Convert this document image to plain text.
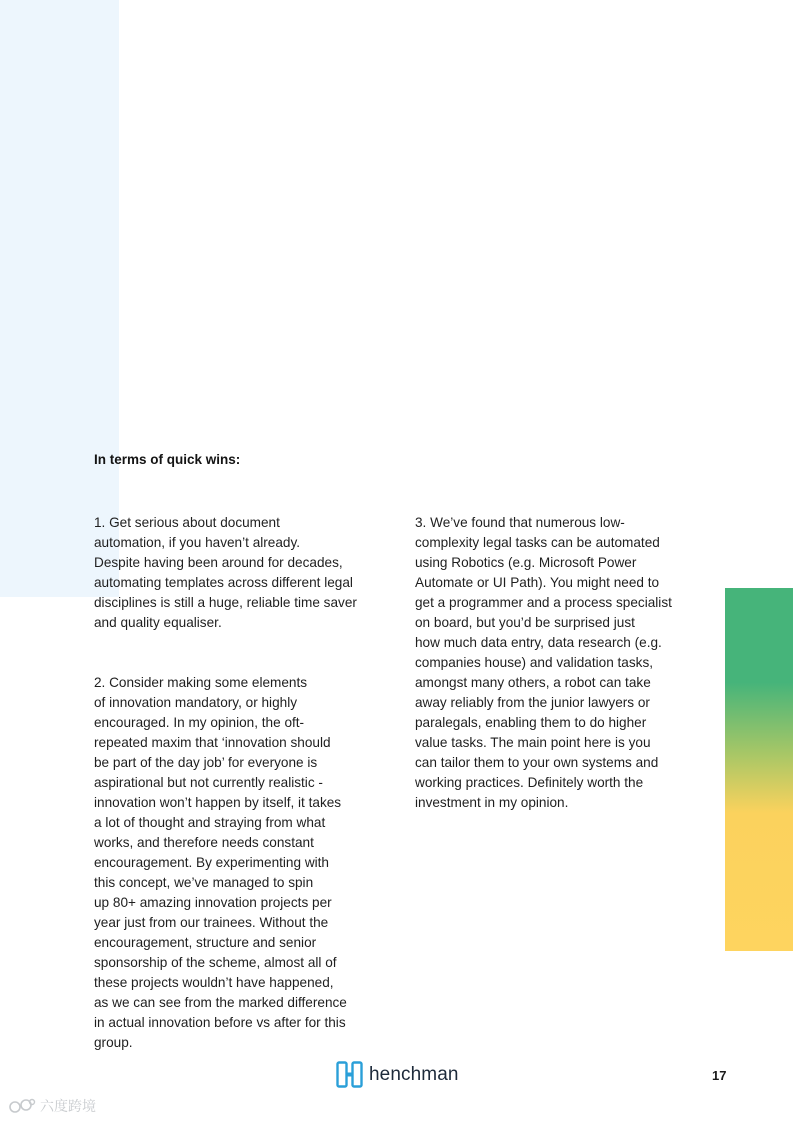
In terms of quick wins:

1. Get serious about document
automation, if you haven’t already.
Despite having been around for decades,
automating templates across different legal
disciplines is still a huge, reliable time saver
and quality equaliser.

2. Consider making some elements
of innovation mandatory, or highly
encouraged. In my opinion, the oft-
repeated maxim that ‘innovation should
be part of the day job’ for everyone is
aspirational but not currently realistic -
innovation won’t happen by itself, it takes
a lot of thought and straying from what
works, and therefore needs constant
encouragement. By experimenting with
this concept, we’ve managed to spin
up 80+ amazing innovation projects per
year just from our trainees. Without the
encouragement, structure and senior
sponsorship of the scheme, almost all of
these projects wouldn’t have happened,
as we can see from the marked difference
in actual innovation before vs after for this
group.

3. We’ve found that numerous low-
complexity legal tasks can be automated
using Robotics (e.g. Microsoft Power
Automate or UI Path). You might need to
get a programmer and a process specialist
on board, but you’d be surprised just
how much data entry, data research (e.g.
companies house) and validation tasks,
amongst many others, a robot can take
away reliably from the junior lawyers or
paralegals, enabling them to do higher
value tasks. The main point here is you
can tailor them to your own systems and
working practices. Definitely worth the
investment in my opinion.

henchman	17
六度跨境
